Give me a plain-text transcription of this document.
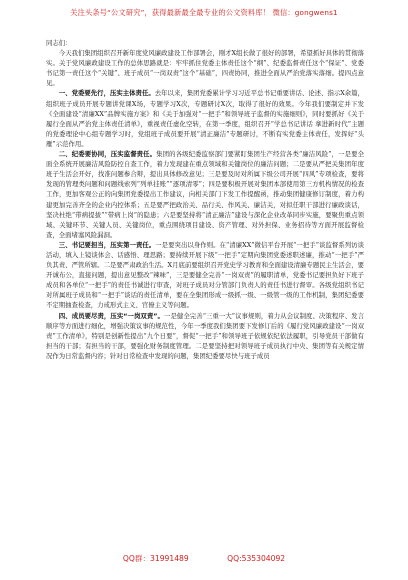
关注头条号“公文研究”，获得最新最全最专业的公文资料库！ 微信：gongwens1
同志们：

今天我们集团组织召开新年度党风廉政建设工作部署会，刚才X组长做了很好的部署，希望抓好具体的贯彻落实。关于党风廉政建设工作的总体思路就是：牢牢抓住党委主体责任这个“纲”、纪委监督责任这个“保证”、党委书记第一责任这个“关键”、班子成员“一岗双责”这个“基础”，四责协同，推进全面从严治党落实落细。提四点意见。

一、党委要先行，压实主体责任。去年以来，集团党委累计学习习近平总书记重要讲话、论述、指示X余篇，组织班子成员开展专题讲党课X场，专题学习X次，专题研讨X次，取得了很好的效果。今年我们要制定并下发《全面建设“清廉XX”品牌实施方案》和《关于加强对“一把手”和领导班子监督的实施细则》，同时要抓好《关于履行全面从严治党主体责任清单》，重视责任虚化空转，在第一季度，组织召开“学总书记讲话 拿进新时代”主题的党委理论中心组专题学习时，党组班子成员要开展“清正廉洁”专题研讨，不断有实党委主体责任，发挥好“头雁”示范作用。

二、纪委要协同，压实监督责任。集团的各级纪委监察部门要紧盯集团生产经营各类“廉洁风险”，一是要全面全系统开展廉洁风险防控自查工作，着力发现建在重点领域和关键岗位的廉洁问题；二是要从严把关集团年度班子生活会开好，找准问题参合辩，提出具体修改意见；三是要及时对所属下级公司开展“四风”专项检查，要将发现的管理类问题和问题线索列“列单挂账”“逐项清零”；四是要积极开展对集团本部使用第三方机构情况的检查工作，更加客观公正的向集团党委提出工作建议，向相关部门下发工作提醒函，推动集团健康修订制度，着力构建更加完善齐全的企业内控体系；五是要严把政治关、品行关、作风关、廉洁关，对拟任职干部进行廉政谈话，坚决杜绝“带病提拔”“带病上岗”的隐患；六是要坚持将“清正廉洁”建设与深化企业改革同步实施，要聚焦重点领域、关键环节、关键人员、关键岗位，重点围绕项目建设、资产管理、对外担保、业务招待等方面开展监督检查，全面堵塞风险漏洞。

三、书记要担当，压实第一责任。一是要突出以身作则。在“清廉XX”微信平台开展“一把手”谈监督系列访谈活动，填入上镜谈体会、话感悟、理思路；要持续开展下级“一把手”定期向集团党委述职述廉，推动“一把手”严负其责、严管所辖。二是要严肃政治生活。X月底前要组织召开党史学习教育和全面建设清廉专题民主生活会，要开诚布公，直接问题，提出意见整改“辣味”，三是要健全完善“一岗双责”的履职清单，党委书记要担负好下班子成员和各单位“一把手”的责任书诚进行审查，对班子成员对分管部门负责人的责任书进行督审。各级党组织书记对所属班子成员和“一把手”谈话的责任清单，要在全集团形成一级抓一级、一级管一级的工作机制，集团纪委要不定期抽查检查，力戒形式主义、官僚主义等问题。

四、成员要尽责，压实“一岗双责”。一是健全完善“三重一大”议事规则，着力从会议制度、决策程序、发言顺序等方面进行细化，增强决策议事的规范性，今年一季度我们集团要下发修订后的《履行党风廉政建设“一岗双责”工作清单》，特别是创新性提出“九个日要”，督促“一把手”和领导班子依规依纪依法履职，引导党员干部做有担当的干部；有担当的干部，要强化财务制度管理。二是要坚持把对领导班子成员执行中央、集团等有关规定情况作为日常监督内容；针对日常检查中发现的问题，集团纪委要尽快与班子成员

QQ群：31991489	QQ:535304092
